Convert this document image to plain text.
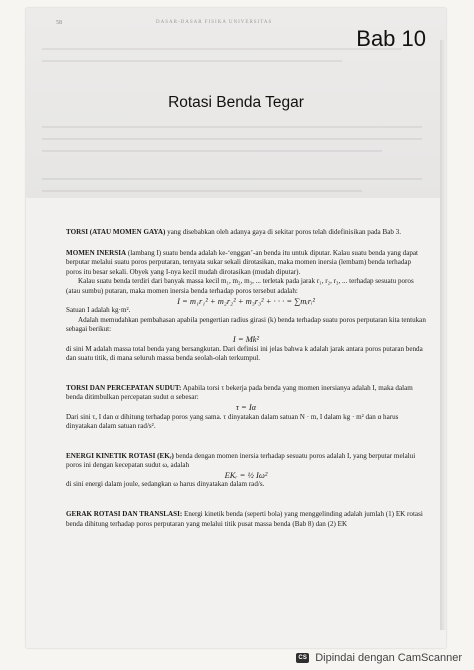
58	DASAR-DASAR FISIKA UNIVERSITAS
Bab 10
Rotasi Benda Tegar

TORSI (ATAU MOMEN GAYA) yang disebabkan oleh adanya gaya di sekitar poros telah didefinisikan pada Bab 3.

MOMEN INERSIA (lambang I) suatu benda adalah ke-‘enggan’-an benda itu untuk diputar. Kalau suatu benda yang dapat berputar melalui suatu poros perputaran, ternyata sukar sekali dirotasikan, maka momen inersia (lembam) benda terhadap poros itu besar sekali. Obyek yang I-nya kecil mudah dirotasikan (mudah diputar).

Kalau suatu benda terdiri dari banyak massa kecil m₁, m₂, m₃, ... terletak pada jarak r₁, r₂, r₃, ... terhadap sesuatu poros (atau sumbu) putaran, maka momen inersia benda terhadap poros tersebut adalah:

I = m₁r₁² + m₂r₂² + m₃r₃² + · · · = ∑mᵢrᵢ²

Satuan I adalah kg·m².

Adalah memudahkan pembahasan apabila pengertian radius girasi (k) benda terhadap suatu poros perputaran kita tentukan sebagai berikut:

I = Mk²

di sini M adalah massa total benda yang bersangkutan. Dari definisi ini jelas bahwa k adalah jarak antara poros putaran benda dan suatu titik, di mana seluruh massa benda seolah-olah terkumpul.

TORSI DAN PERCEPATAN SUDUT: Apabila torsi τ bekerja pada benda yang momen inersianya adalah I, maka dalam benda ditimbulkan percepatan sudut α sebesar:

τ = Iα

Dari sini τ, I dan α dihitung terhadap poros yang sama. τ dinyatakan dalam satuan N · m, I dalam kg · m² dan α harus dinyatakan dalam satuan rad/s².

ENERGI KINETIK ROTASI (EKᵣ) benda dengan momen inersia terhadap sesuatu poros adalah I, yang berputar melalui poros ini dengan kecepatan sudut ω, adalah

EKᵣ = ½ Iω²

di sini energi dalam joule, sedangkan ω harus dinyatakan dalam rad/s.

GERAK ROTASI DAN TRANSLASI: Energi kinetik benda (seperti bola) yang menggelinding adalah jumlah (1) EK rotasi benda dihitung terhadap poros perputaran yang melalui titik pusat massa benda (Bab 8) dan (2) EK

CS Dipindai dengan CamScanner
